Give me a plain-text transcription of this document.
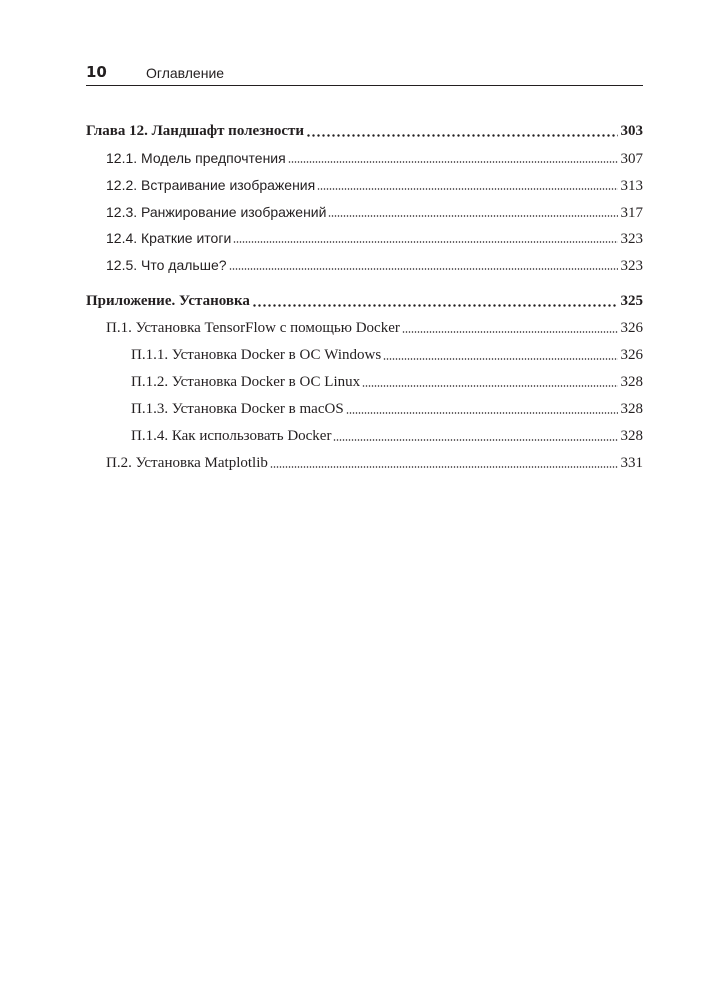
10	Оглавление
Глава 12. Ландшафт полезности	303
12.1. Модель предпочтения	307
12.2. Встраивание изображения	313
12.3. Ранжирование изображений	317
12.4. Краткие итоги	323
12.5. Что дальше?	323
Приложение. Установка	325
П.1. Установка TensorFlow с помощью Docker	326
П.1.1. Установка Docker в ОС Windows	326
П.1.2. Установка Docker в ОС Linux	328
П.1.3. Установка Docker в macOS	328
П.1.4. Как использовать Docker	328
П.2. Установка Matplotlib	331
